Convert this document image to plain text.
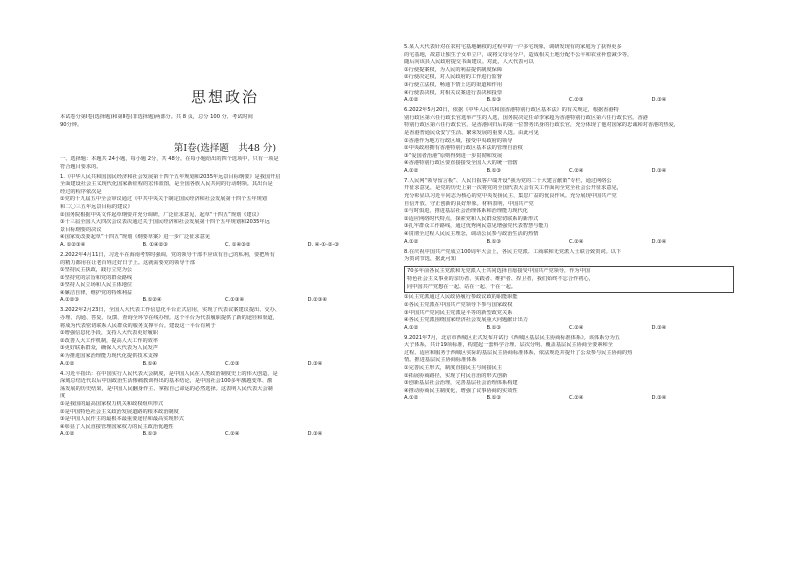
思想政治

本试卷分第Ⅰ卷(选择题)和第Ⅱ卷(非选择题)两部分。共 8 页，总分 100 分，考试时间

90分钟。

第Ⅰ卷(选择题　共48 分)

一、选择题：本题共 24小题，每小题 2分，共 48分。在每小题给出的四个选项中，只有一项是

符合题目要求的。

1.《中华人民共和国国民经济和社会发展第十四个五年规划和2035年远景目标纲要》是我国开启

全面建设社会主义现代化国家新征程的宏伟蓝图，是全国各族人民共同的行动纲领。其出台是

经过的程序依次是

①党的十九届五中全会审议通过《中共中央关于制定国民经济和社会发展第十四个五年规划

和二〇三五年远景目标的建议》

②国务院根据中央文件起草纲要并充分调研，广泛征求意见，起草“十四五”规划《建议》

③十三届全国人大四次会议表决通过关于国民经济和社会发展第十四个五年规划和2035年远

景目标纲要的决议

④国家发改委起草“十四五”规划《纲要草案》进一步广泛征求意见

A. ①②③④	B. ①④②③	C. ①④③②	D. ④-①-②-③

2.2022年4月11日，习近平在海南考察时强调，党的领导干部不应该有自己的私利，要把所有

的精力都用在让老百姓过好日子上。这就需要党的领导干部

①坚持民主执政，践行立党为公

②坚持党的宗旨和党的群众路线

③坚持人民立场和人民主体地位

④廉洁自律，维护党的特殊利益

A.①②③	B.①②④	C.①③④	D.②③④

3.2022年2月23日，全国人大代表工作信息化平台正式启用，实现了代表议案建议提出、交办、

办理、沟通、答复、反馈、查询全环节在线办理。这个平台为代表履职提供了新的途径和渠道，

将成为代表密切联系人民群众的服务支撑平台。建设这一平台有利于

①增强信息化手段，支持人大代表更好履职

②改善人大工作机制，提高人大工作的效率

③更好联系群众，确保人大代表为人民发声

④为推进国家治理能力现代化提供技术支撑

A.①②	B.①④	C.②③	D.③④

4.习近平指出：在中国实行人民代表大会制度，是中国人民在人类政治制度史上的伟大创造，是

深刻总结近代以后中国政治生活惨痛教训得出的基本结论，是中国社会100多年激越变革、激

荡发展的历史结果，是中国人民翻身作主、掌握自己命运的必然选择。这表明人民代表大会制

度

①是我国的最高国家权力机关和政权组织形式

②是中国特色社会主义政治发展道路的根本政治制度

③是中国人民作主的最根本最重要途径和最高实现形式

④彰显了人民直接管理国家权力的民主政治优越性

A.①②	B.①③	C.②④	D.③④

5.某人大代表针对在农村宅基地确权的过程中的一户多宅现象，调研发现有的家庭为了获得更多

的宅基地，故意让独生子女单立户，或将父母另分户，造成相关土地分配不公平和农业补偿减少等，

随后向该县人民政府提交书面建议。对此，人大代表可以

①行使提案权，为人民的利益提供制度保障

②行使决定权，对人民政府的工作进行监督

③行使立法权，畅通下情上达的渠道和作用

④行使表决权，对相关议案进行表决和投票

A.①②	B.①③	C.②③	D.③④

6.2022年5月20日，依据《中华人民共和国香港特别行政区基本法》的有关规定，根据香港特

别行政区第六任行政长官选举产生的人选，国务院决定任命李家超为香港特别行政区第六任行政长官。香港

特别行政区第六任行政长官，是香港回归后的第一位警务出身的行政长官，充分体现了他对国家的忠诚和对香港的热爱，

是香港普通民众安宁生活、繁荣发展的重要人选。由此可见

①香港作为地方行政区域，接受中央政府的领导

②中央政府拥有香港特别行政区基本法的管理自治权

③“爱国者治港”原则得到进一步贯彻和发展

④香港特别行政区要直接接受全国人大的统一管辖

A.①②	B.①③	C.②④	D.③④

7.人民网“领导留言板”、人民日报客户端开设“我为党的二十大建言献策”专栏，通过网络公

开征求意见，是党的历史上第一次将党的全国代表大会有关工作面向全党全社会公开征求意见，

充分彰显以习近平同志为核心的党中央发扬民主、集思广益的优良作风。充分展现中国共产党

自信开放、守正创新的良好形象。材料表明，中国共产党

①与时俱进，推进基层社会治理体系和治理能力现代化

②适应网络时代特点，探索党和人民群众密切联系的新形式

③扎牢群众工作路线，通过优秀网民意见增强党代表智慧与能力

④贯彻全过程人民民主理念，调动公民参与政治生活的热情

A.①②	B.①③	C.②④	D.③④

8.在庆祝中国共产党成立100周年大会上，各民主党派、工商联和无党派人士联合致贺词。以下

为贺词节选，据此可知

70多年前各民主党派和无党派人士共同选择自愿接受中国共产党领导，作为中国

特色社会主义事业的亲历者、实践者、维护者、捍卫者，我们始终不忘合作初心，

同中国共产党想在一起、站在一起、干在一起。

①民主党派通过人民政协履行参政议政的职能职能

②各民主党派在中国共产党领导下参与国家政权

③中国共产党同民主党派是平等的新型政党关系

④各民主党派围绕国家经济社会发展重大问题献计出力

A.①②	B.①③	C.②④	D.③④

9.2021年7月，北京市西城区正式发布并试行《西城区基层民主协商标准体系》。该体系分为五

大子体系，共计19项标准，构建起一套科学合理、层次分明、覆盖基层民主协商全要素和全

过程、适应和服务于西城区实际的基层民主协商标准体系，依法规范并提升了公众参与民主协商的热

情。推进基层民主协商标准体系

①完善民主形式，制度直接民主与间接民主

②拓展协商路径，实现了村民自治的形式创新

③创新基层社会治理，完善基层社会治理体系构建

④推动协商民主制度化，增强了议事协商的实效性

A.①②	B.①③	C.②④	D.③④
